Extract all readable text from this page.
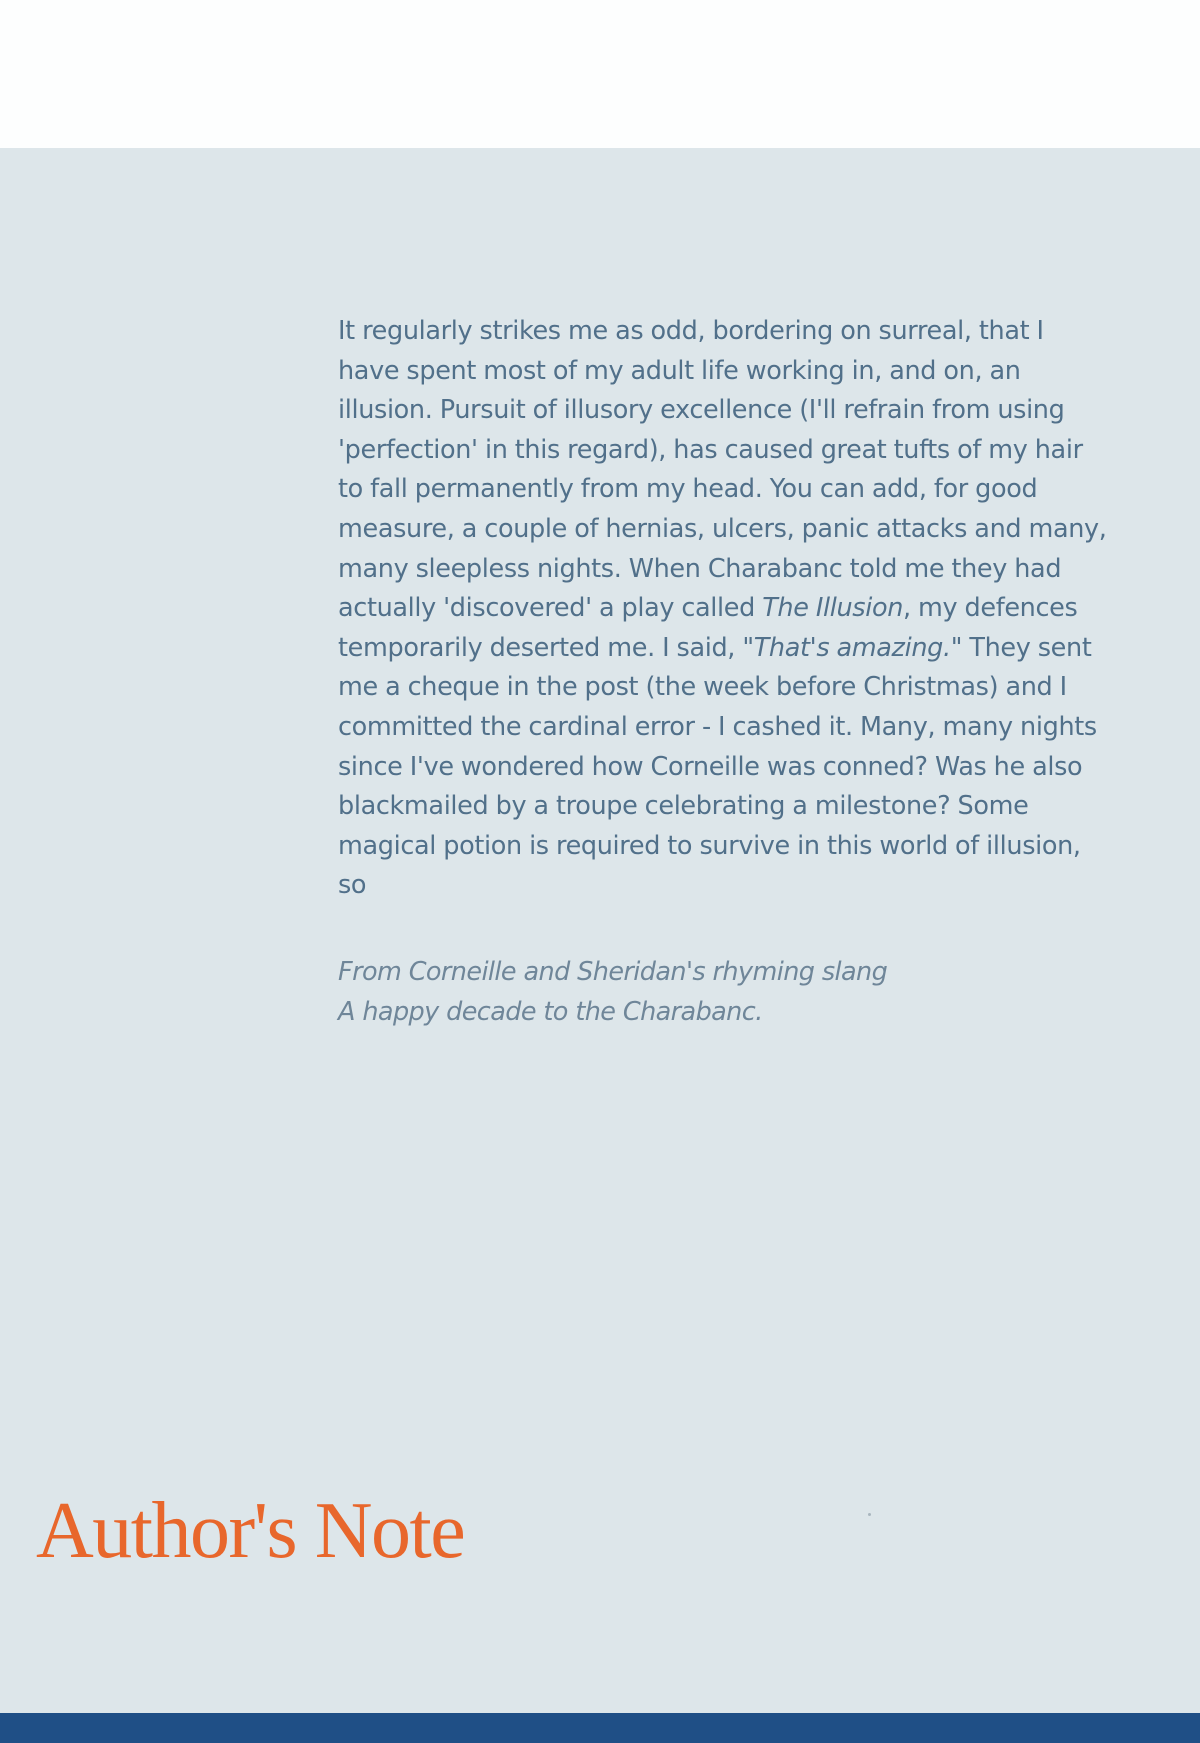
It regularly strikes me as odd, bordering on surreal, that I
have spent most of my adult life working in, and on, an
illusion. Pursuit of illusory excellence (I'll refrain from using
'perfection' in this regard), has caused great tufts of my hair
to fall permanently from my head. You can add, for good
measure, a couple of hernias, ulcers, panic attacks and many,
many sleepless nights. When Charabanc told me they had
actually 'discovered' a play called The Illusion, my defences
temporarily deserted me. I said, "That's amazing." They sent
me a cheque in the post (the week before Christmas) and I
committed the cardinal error - I cashed it. Many, many nights
since I've wondered how Corneille was conned? Was he also
blackmailed by a troupe celebrating a milestone? Some
magical potion is required to survive in this world of illusion,
so
From Corneille and Sheridan's rhyming slang
A happy decade to the Charabanc.
Author's Note
